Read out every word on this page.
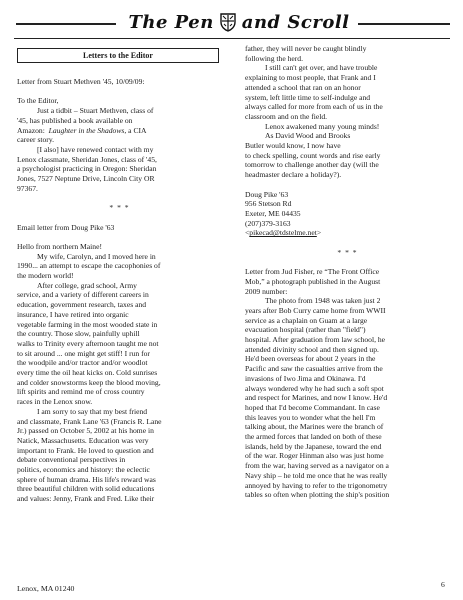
The Pen and Scroll
Letters to the Editor

Letter from Stuart Methven '45, 10/09/09:

To the Editor,

Just a tidbit – Stuart Methven, class of

'45, has published a book available on

Amazon:  Laughter in the Shadows, a CIA

career story.

[I also] have renewed contact with my

Lenox classmate, Sheridan Jones, class of '45,

a psychologist practicing in Oregon: Sheridan

Jones, 7527 Neptune Drive, Lincoln City OR

97367.

* * *

Email letter from Doug Pike '63

Hello from northern Maine!

My wife, Carolyn, and I moved here in

1990... an attempt to escape the cacophonies of

the modern world!

After college, grad school, Army

service, and a variety of different careers in

education, government research, taxes and

insurance, I have retired into organic

vegetable farming in the most wooded state in

the country. Those slow, painfully uphill

walks to Trinity every afternoon taught me not

to sit around ... one might get stiff! I run for

the woodpile and/or tractor and/or woodlot

every time the oil heat kicks on. Cold sunrises

and colder snowstorms keep the blood moving,

lift spirits and remind me of cross country

races in the Lenox snow.

I am sorry to say that my best friend

and classmate, Frank Lane '63 (Francis R. Lane

Jr.) passed on October 5, 2002 at his home in

Natick, Massachusetts. Education was very

important to Frank. He loved to question and

debate conventional perspectives in

politics, economics and history: the eclectic

sphere of human drama. His life's reward was

three beautiful children with solid educations

and values: Jenny, Frank and Fred. Like their

father, they will never be caught blindly

following the herd.

I still can't get over, and have trouble

explaining to most people, that Frank and I

attended a school that ran on an honor

system, left little time to self-indulge and

always called for more from each of us in the

classroom and on the field.

Lenox awakened many young minds!

As David Wood and Brooks

Butler would know, I now have

to check spelling, count words and rise early

tomorrow to challenge another day (will the

headmaster declare a holiday?).

Doug Pike '63

956 Stetson Rd

Exeter, ME 04435

(207)379-3163

<pikecad@tdstelme.net>

* * *

Letter from Jud Fisher, re “The Front Office

Mob,” a photograph published in the August

2009 number:

The photo from 1948 was taken just 2

years after Bob Curry came home from WWII

service as a chaplain on Guam at a large

evacuation hospital (rather than "field")

hospital. After graduation from law school, he

attended divinity school and then signed up.

He'd been overseas for about 2 years in the

Pacific and saw the casualties arrive from the

invasions of Iwo Jima and Okinawa. I'd

always wondered why he had such a soft spot

and respect for Marines, and now I know. He'd

hoped that I'd become Commandant. In case

this leaves you to wonder what the hell I'm

talking about, the Marines were the branch of

the armed forces that landed on both of these

islands, held by the Japanese, toward the end

of the war. Roger Hinman also was just home

from the war, having served as a navigator on a

Navy ship – he told me once that he was really

annoyed by having to refer to the trigonometry

tables so often when plotting the ship's position

Lenox, MA 01240	6
